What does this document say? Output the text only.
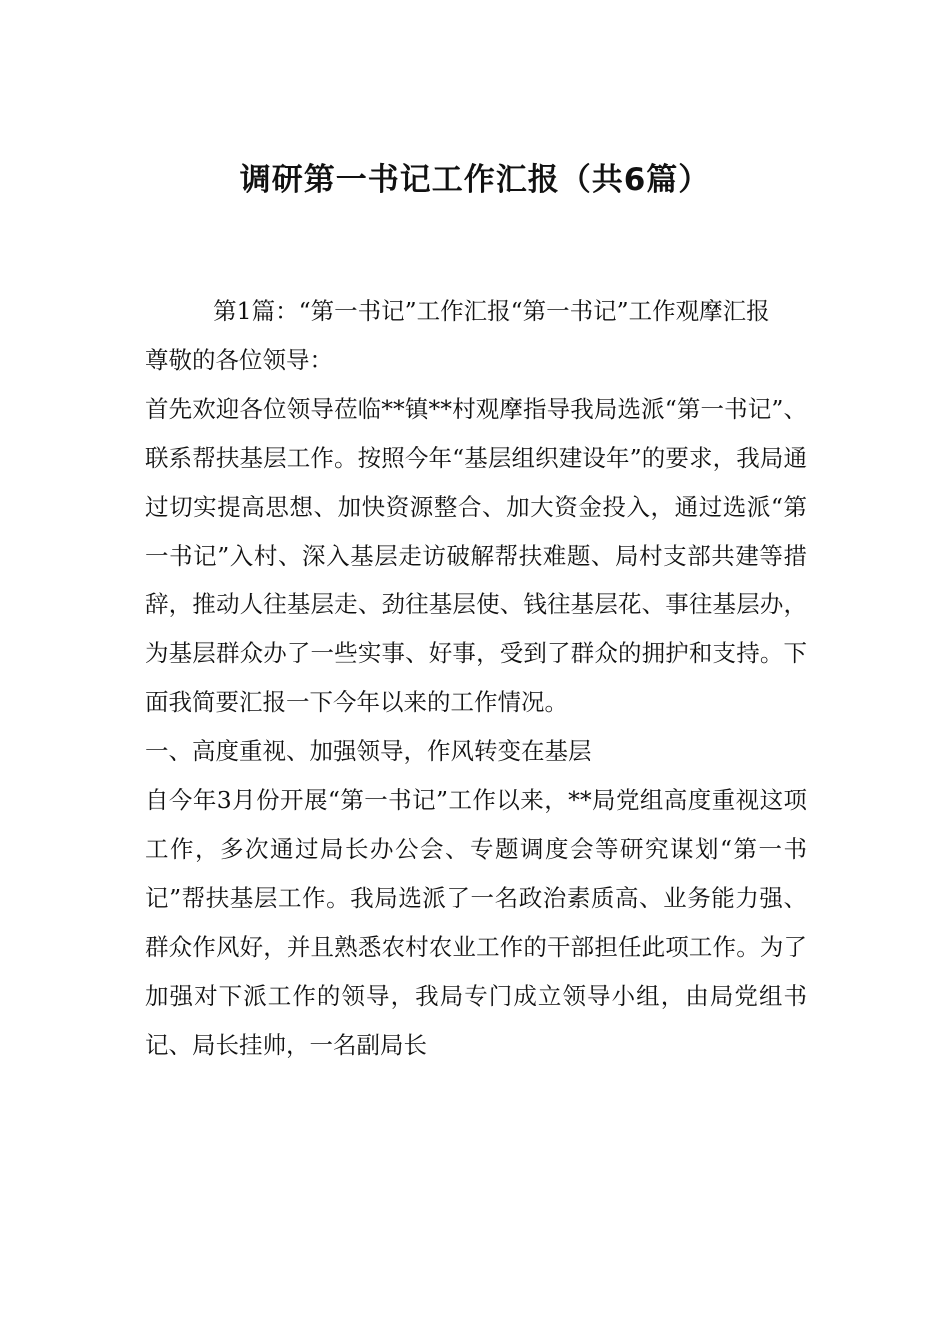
调研第一书记工作汇报（共6篇）

第1篇：“第一书记”工作汇报“第一书记”工作观摩汇报

尊敬的各位领导：

首先欢迎各位领导莅临**镇**村观摩指导我局选派“第一书记”、联系帮扶基层工作。按照今年“基层组织建设年”的要求，我局通过切实提高思想、加快资源整合、加大资金投入，通过选派“第一书记”入村、深入基层走访破解帮扶难题、局村支部共建等措辞，推动人往基层走、劲往基层使、钱往基层花、事往基层办，为基层群众办了一些实事、好事，受到了群众的拥护和支持。下面我简要汇报一下今年以来的工作情况。

一、高度重视、加强领导，作风转变在基层

自今年3月份开展“第一书记”工作以来，**局党组高度重视这项工作，多次通过局长办公会、专题调度会等研究谋划“第一书记”帮扶基层工作。我局选派了一名政治素质高、业务能力强、群众作风好，并且熟悉农村农业工作的干部担任此项工作。为了加强对下派工作的领导，我局专门成立领导小组，由局党组书记、局长挂帅，一名副局长
